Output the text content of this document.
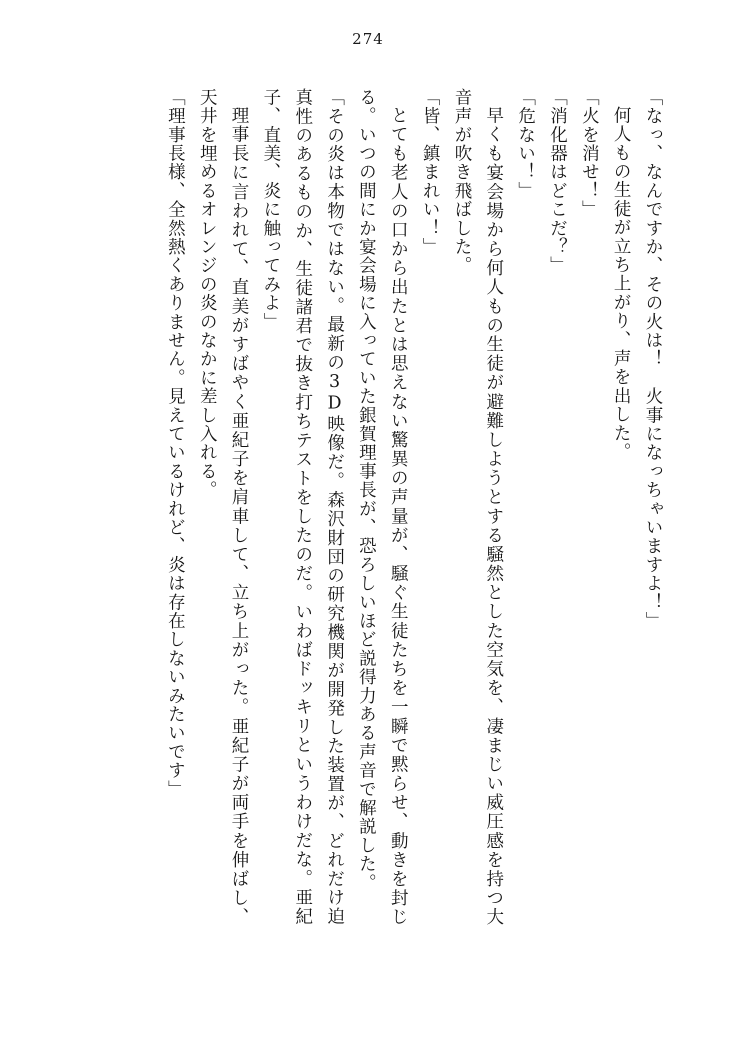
274

「なっ、なんですか、その火は！　火事になっちゃいますよ！」

何人もの生徒が立ち上がり、声を出した。

「火を消せ！」

「消化器はどこだ？」

「危ない！」

早くも宴会場から何人もの生徒が避難しようとする騒然とした空気を、凄まじい威圧感を持つ大音声が吹き飛ばした。

「皆、鎮まれい！」

とても老人の口から出たとは思えない驚異の声量が、騒ぐ生徒たちを一瞬で黙らせ、動きを封じる。いつの間にか宴会場に入っていた銀賀理事長が、恐ろしいほど説得力ある声音で解説した。

「その炎は本物ではない。最新の3D映像だ。森沢財団の研究機関が開発した装置が、どれだけ迫真性のあるものか、生徒諸君で抜き打ちテストをしたのだ。いわばドッキリというわけだな。亜紀子、直美、炎に触ってみよ」

理事長に言われて、直美がすばやく亜紀子を肩車して、立ち上がった。亜紀子が両手を伸ばし、天井を埋めるオレンジの炎のなかに差し入れる。

「理事長様、全然熱くありません。見えているけれど、炎は存在しないみたいです」
